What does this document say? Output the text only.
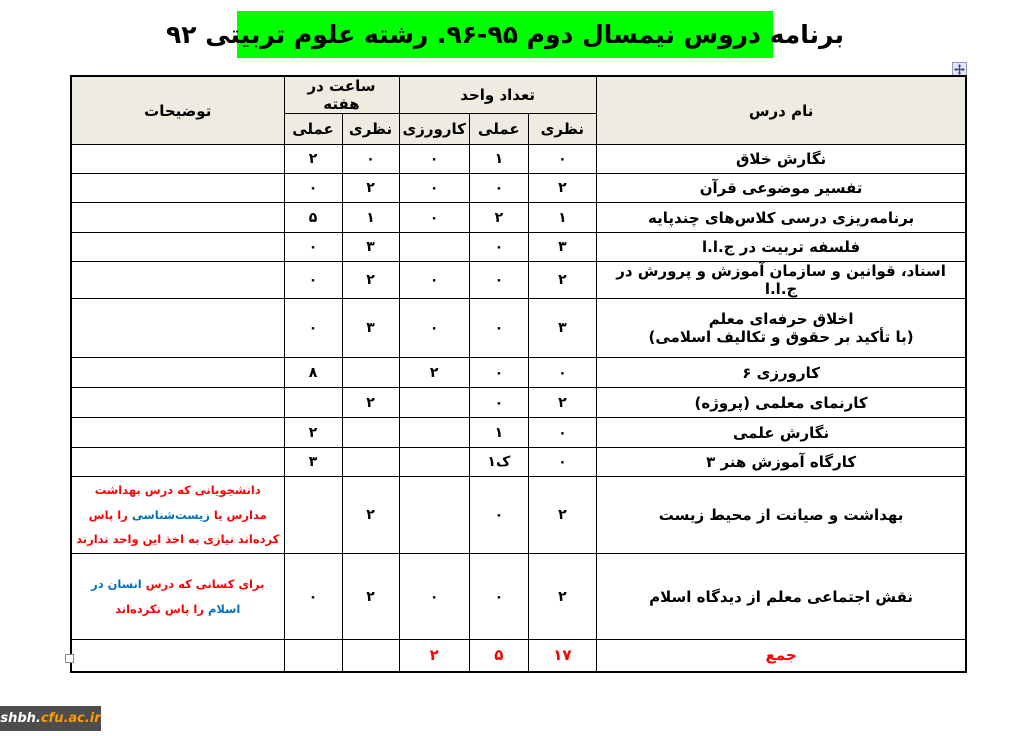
برنامه دروس نیمسال دوم ۹۵-۹۶. رشته علوم تربیتی ۹۲
نام درس	تعداد واحد			ساعت در هفته		توضیحات
	نظری	عملی	کارورزی	نظری	عملی	
نگارش خلاق	۰	۱	۰	۰	۲	
تفسیر موضوعی قرآن	۲	۰	۰	۲	۰	
برنامه‌ریزی درسی کلاس‌های چندپایه	۱	۲	۰	۱	۵	
فلسفه تربیت در ج.ا.ا	۳	۰		۳	۰	
اسناد، قوانین و سازمان آموزش و پرورش در ج.ا.ا	۲	۰	۰	۲	۰	

اخلاق حرفه‌ای معلم
(با تأکید بر حقوق و تکالیف اسلامی)	۳	۰	۰	۳	۰	
کارورزی ۶	۰	۰	۲		۸	
کارنمای معلمی (پروژه)	۲	۰		۲		
نگارش علمی	۰	۱			۲	
کارگاه آموزش هنر ۳	۰	‪۱ک‬			۳	
بهداشت و صیانت از محیط زیست	۲	۰		۲		دانشجویانی که درس بهداشت مدارس یا زیست‌شناسی را پاس کرده‌اند نیازی به اخذ این واحد ندارند
نقش اجتماعی معلم از دیدگاه اسلام	۲	۰	۰	۲	۰	برای کسانی که درس انسان در اسلام را پاس نکرده‌اند
جمع	۱۷	۵	۲			
shbh. cfu.ac.ir
